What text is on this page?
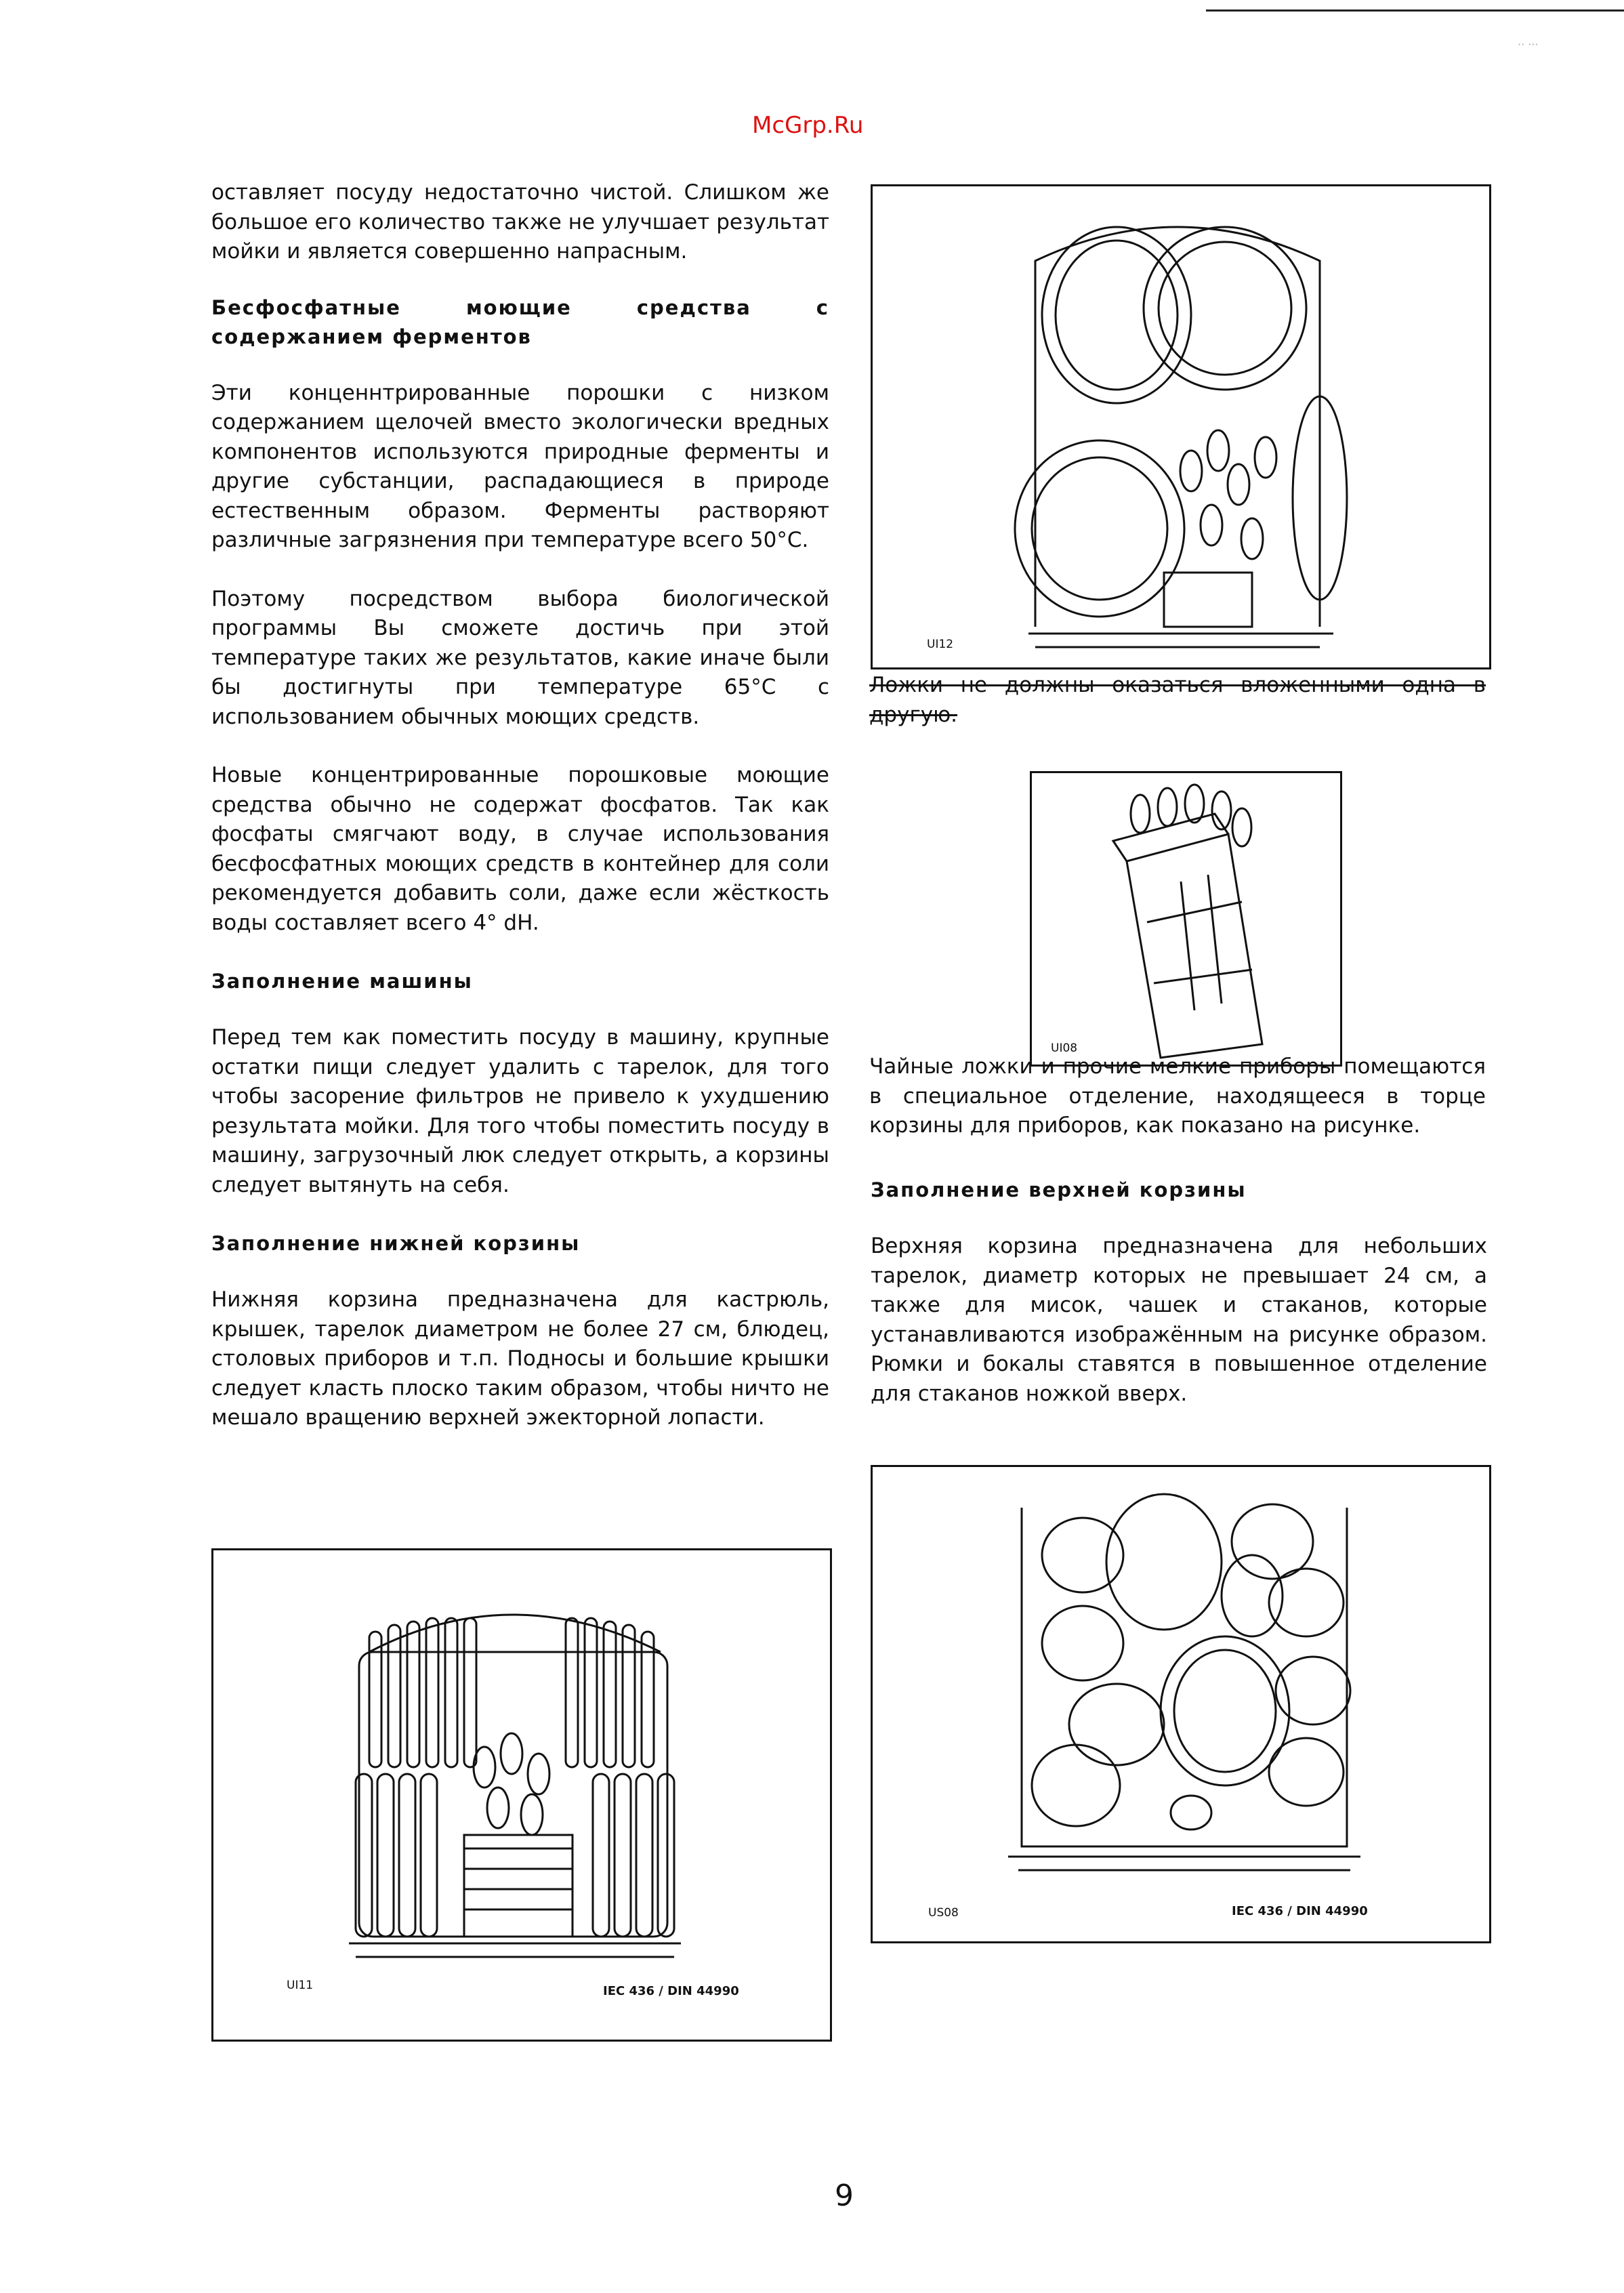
·· ···

оставляет посуду недостаточно чистой. Слишком же большое его количество также не улучшает результат мойки и является совершенно напрасным.

Бесфосфатные моющие средства с содержанием ферментов

Эти конценнтрированные порошки с низком содержанием щелочей вместо экологически вредных компонентов используются природные ферменты и другие субстанции, распадающиеся в природе естественным образом. Ферменты растворяют различные загрязнения при температуре всего 50°С.

Поэтому посредством выбора биологической программы Вы сможете достичь при этой температуре таких же результатов, какие иначе были бы достигнуты при температуре 65°С с использованием обычных моющих средств.

Новые концентрированные порошковые моющие средства обычно не содержат фосфатов. Так как фосфаты смягчают воду, в случае использования бесфосфатных моющих средств в контейнер для соли рекомендуется добавить соли, даже если жёсткость воды составляет всего 4° dH.

Заполнение машины

Перед тем как поместить посуду в машину, крупные остатки пищи следует удалить с тарелок, для того чтобы засорение фильтров не привело к ухудшению результата мойки. Для того чтобы поместить посуду в машину, загрузочный люк следует открыть, а корзины следует вытянуть на себя.

Заполнение нижней корзины

Нижняя корзина предназначена для кастрюль, крышек, тарелок диаметром не более 27 см, блюдец, столовых приборов и т.п. Подносы и большие крышки следует класть плоско таким образом, чтобы ничто не мешало вращению верхней эжекторной лопасти.

UI11	IEC 436 / DIN 44990
UI12
Ложки не должны оказаться вложенными одна в другую.
UI08
Чайные ложки и прочие мелкие приборы помещаются в специальное отделение, находящееся в торце корзины для приборов, как показано на рисунке.
Заполнение верхней корзины

Верхняя корзина предназначена для небольших тарелок, диаметр которых не превышает 24 см, а также для мисок, чашек и стаканов, которые устанавливаются изображённым на рисунке образом. Рюмки и бокалы ставятся в повышенное отделение для стаканов ножкой вверх.

US08	IEC 436 / DIN 44990
McGrp.Ru
9
